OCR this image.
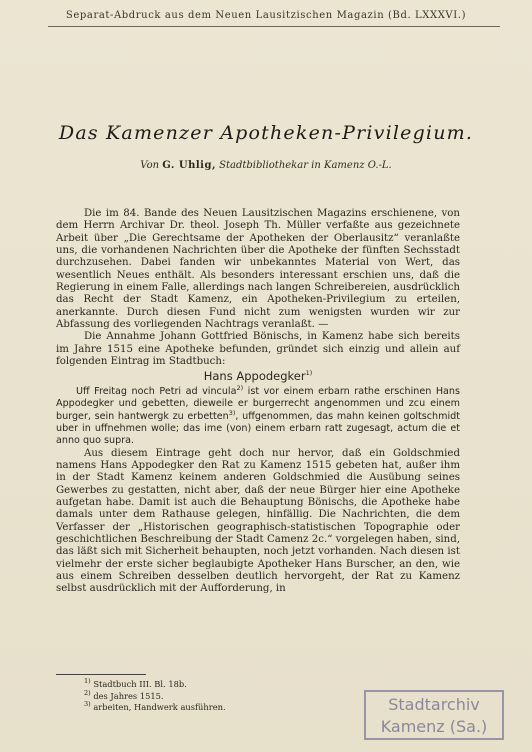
Separat-Abdruck aus dem Neuen Lausitzischen Magazin (Bd. LXXXVI.)
Das Kamenzer Apotheken-Privilegium.
Von G. Uhlig, Stadtbibliothekar in Kamenz O.-L.

Die im 84. Bande des Neuen Lausitzischen Magazins erschienene, von dem Herrn Archivar Dr. theol. Joseph Th. Müller verfaßte aus gezeichnete Arbeit über „Die Gerechtsame der Apotheken der Oberlausitz“ veranlaßte uns, die vorhandenen Nachrichten über die Apotheke der fünften Sechsstadt durchzusehen. Dabei fanden wir unbekanntes Material von Wert, das wesentlich Neues enthält. Als besonders interessant erschien uns, daß die Regierung in einem Falle, allerdings nach langen Schreibereien, ausdrücklich das Recht der Stadt Kamenz, ein Apotheken-Privilegium zu erteilen, anerkannte. Durch diesen Fund nicht zum wenigsten wurden wir zur Abfassung des vorliegenden Nachtrags veranlaßt. —

Die Annahme Johann Gottfried Bönischs, in Kamenz habe sich bereits im Jahre 1515 eine Apotheke befunden, gründet sich einzig und allein auf folgenden Eintrag im Stadtbuch:

Hans Appodegker$^{1)}$

Uff Freitag noch Petri ad vincula$^{2)}$ ist vor einem erbarn rathe erschinen Hans Appodegker und gebetten, dieweile er burgerrecht angenommen und zcu einem burger, sein hantwergk zu erbetten$^{3)}$, uffgenommen, das mahn keinen goltschmidt uber in uffnehmen wolle; das ime (von) einem erbarn ratt zugesagt, actum die et anno quo supra.

Aus diesem Eintrage geht doch nur hervor, daß ein Goldschmied namens Hans Appodegker den Rat zu Kamenz 1515 gebeten hat, außer ihm in der Stadt Kamenz keinem anderen Goldschmied die Ausübung seines Gewerbes zu gestatten, nicht aber, daß der neue Bürger hier eine Apotheke aufgetan habe. Damit ist auch die Behauptung Bönischs, die Apotheke habe damals unter dem Rathause gelegen, hinfällig. Die Nachrichten, die dem Verfasser der „Historischen geographisch-statistischen Topographie oder geschichtlichen Beschreibung der Stadt Camenz 2c.“ vorgelegen haben, sind, das läßt sich mit Sicherheit behaupten, noch jetzt vorhanden. Nach diesen ist vielmehr der erste sicher beglaubigte Apotheker Hans Burscher, an den, wie aus einem Schreiben desselben deutlich hervorgeht, der Rat zu Kamenz selbst ausdrücklich mit der Aufforderung, in

$^{1)}$ Stadtbuch III. Bl. 18b.
$^{2)}$ des Jahres 1515.
$^{3)}$ arbeiten, Handwerk ausführen.	Stadtarchiv
Kamenz (Sa.)
